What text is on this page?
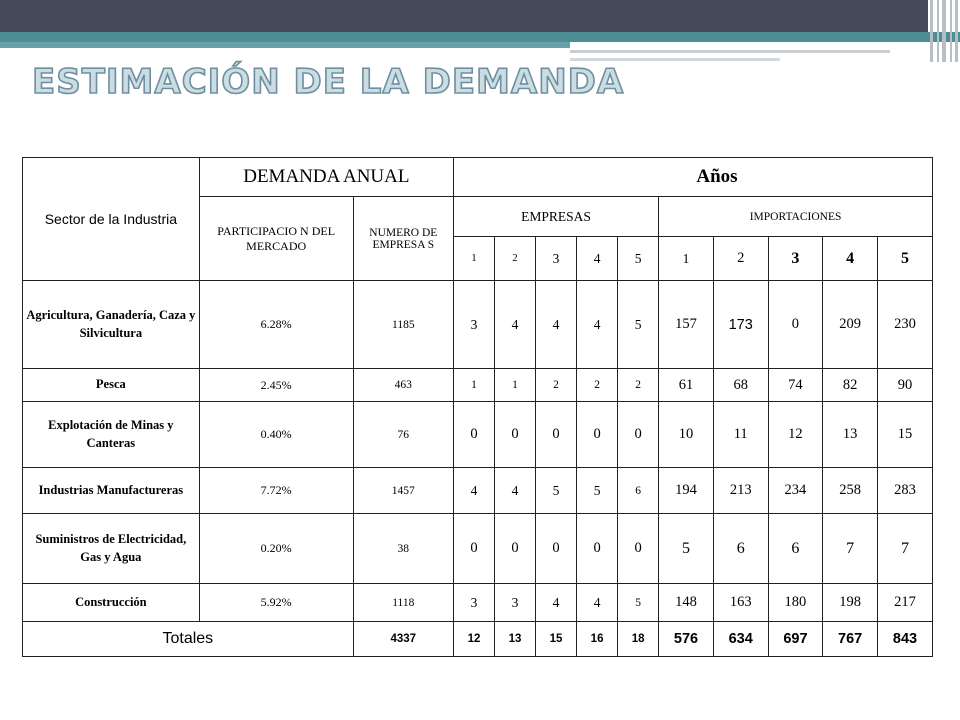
ESTIMACIÓN DE LA DEMANDA
Sector de la Industria	DEMANDA ANUAL		Años									
	PARTICIPACIO N DEL MERCADO	NUMERO DE EMPRESA S	EMPRESAS					IMPORTACIONES				
			1	2	3	4	5	1	2	3	4	5
Agricultura, Ganadería, Caza y Silvicultura	6.28%	1185	3	4	4	4	5	157	173	0	209	230
Pesca	2.45%	463	1	1	2	2	2	61	68	74	82	90
Explotación de Minas y Canteras	0.40%	76	0	0	0	0	0	10	11	12	13	15
Industrias Manufactureras	7.72%	1457	4	4	5	5	6	194	213	234	258	283
Suministros de Electricidad, Gas y Agua	0.20%	38	0	0	0	0	0	5	6	6	7	7
Construcción	5.92%	1118	3	3	4	4	5	148	163	180	198	217
Totales		4337	12	13	15	16	18	576	634	697	767	843
